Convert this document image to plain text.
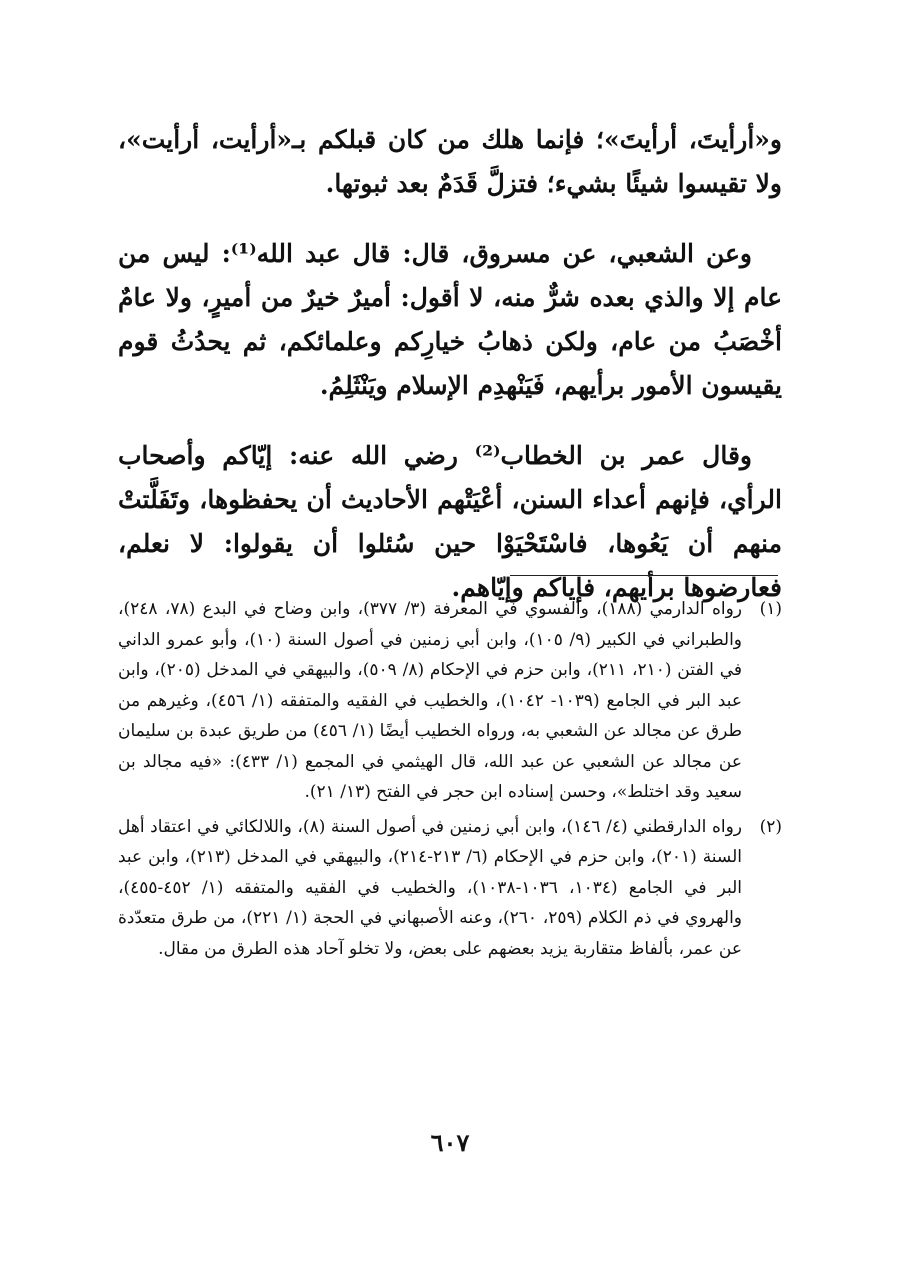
و«أرأيتَ، أرأيتَ»؛ فإنما هلك من كان قبلكم بـ«أرأيت، أرأيت»، ولا تقيسوا شيئًا بشيء؛ فتزلَّ قَدَمٌ بعد ثبوتها.

وعن الشعبي، عن مسروق، قال: قال عبد الله⁽¹⁾: ليس من عام إلا والذي بعده شرٌّ منه، لا أقول: أميرٌ خيرٌ من أميرٍ، ولا عامٌ أخْصَبُ من عام، ولكن ذهابُ خيارِكم وعلمائكم، ثم يحدُثُ قوم يقيسون الأمور برأيهم، فَيَنْهدِم الإسلام ويَنْثَلِمُ.

وقال عمر بن الخطاب⁽²⁾ رضي الله عنه: إيّاكم وأصحاب الرأي، فإنهم أعداء السنن، أعْيَتْهم الأحاديث أن يحفظوها، وتَفَلَّتتْ منهم أن يَعُوها، فاسْتَحْيَوْا حين سُئلوا أن يقولوا: لا نعلم، فعارضوها برأيهم، فإياكم وإيّاهم.

(١)
رواه الدارمي (١٨٨)، والفسوي في المعرفة (٣/ ٣٧٧)، وابن وضاح في البدع (٧٨، ٢٤٨)، والطبراني في الكبير (٩/ ١٠٥)، وابن أبي زمنين في أصول السنة (١٠)، وأبو عمرو الداني في الفتن (٢١٠، ٢١١)، وابن حزم في الإحكام (٨/ ٥٠٩)، والبيهقي في المدخل (٢٠٥)، وابن عبد البر في الجامع (١٠٣٩- ١٠٤٢)، والخطيب في الفقيه والمتفقه (١/ ٤٥٦)، وغيرهم من طرق عن مجالد عن الشعبي به، ورواه الخطيب أيضًا (١/ ٤٥٦) من طريق عبدة بن سليمان عن مجالد عن الشعبي عن عبد الله، قال الهيثمي في المجمع (١/ ٤٣٣): «فيه مجالد بن سعيد وقد اختلط»، وحسن إسناده ابن حجر في الفتح (١٣/ ٢١).
(٢)
رواه الدارقطني (٤/ ١٤٦)، وابن أبي زمنين في أصول السنة (٨)، واللالكائي في اعتقاد أهل السنة (٢٠١)، وابن حزم في الإحكام (٦/ ٢١٣-٢١٤)، والبيهقي في المدخل (٢١٣)، وابن عبد البر في الجامع (١٠٣٤، ١٠٣٦-١٠٣٨)، والخطيب في الفقيه والمتفقه (١/ ٤٥٢-٤٥٥)، والهروي في ذم الكلام (٢٥٩، ٢٦٠)، وعنه الأصبهاني في الحجة (١/ ٢٢١)، من طرق متعدّدة عن عمر، بألفاظ متقاربة يزيد بعضهم على بعض، ولا تخلو آحاد هذه الطرق من مقال.
٦٠٧
